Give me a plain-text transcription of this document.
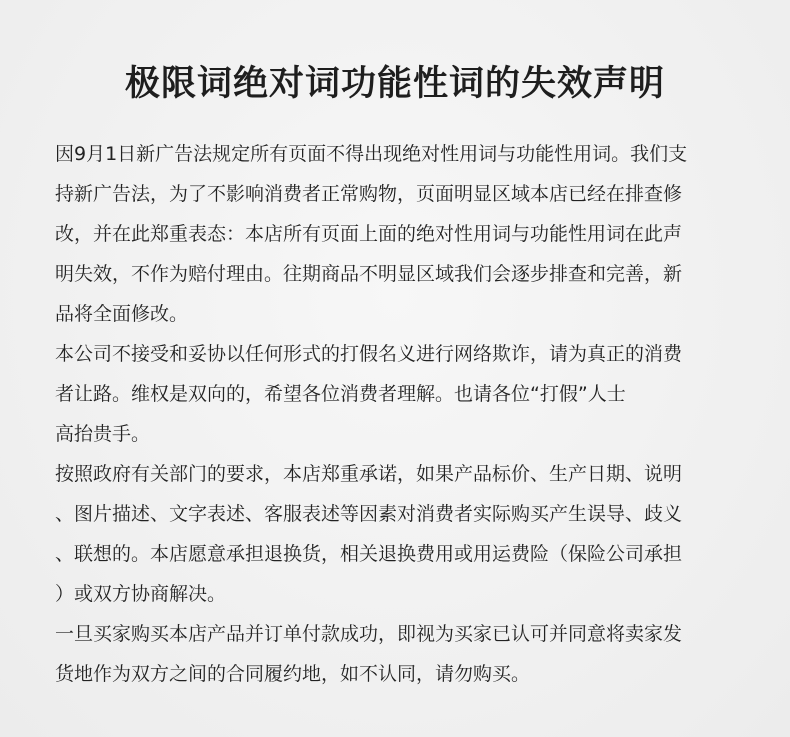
极限词绝对词功能性词的失效声明
因9月1日新广告法规定所有页面不得出现绝对性用词与功能性用词。我们支
持新广告法，为了不影响消费者正常购物，页面明显区域本店已经在排查修
改，并在此郑重表态：本店所有页面上面的绝对性用词与功能性用词在此声
明失效，不作为赔付理由。往期商品不明显区域我们会逐步排查和完善，新
品将全面修改。
本公司不接受和妥协以任何形式的打假名义进行网络欺诈，请为真正的消费
者让路。维权是双向的，希望各位消费者理解。也请各位“打假”人士
高抬贵手。
按照政府有关部门的要求，本店郑重承诺，如果产品标价、生产日期、说明
、图片描述、文字表述、客服表述等因素对消费者实际购买产生误导、歧义
、联想的。本店愿意承担退换货，相关退换费用或用运费险（保险公司承担
）或双方协商解决。
一旦买家购买本店产品并订单付款成功，即视为买家已认可并同意将卖家发
货地作为双方之间的合同履约地，如不认同，请勿购买。
